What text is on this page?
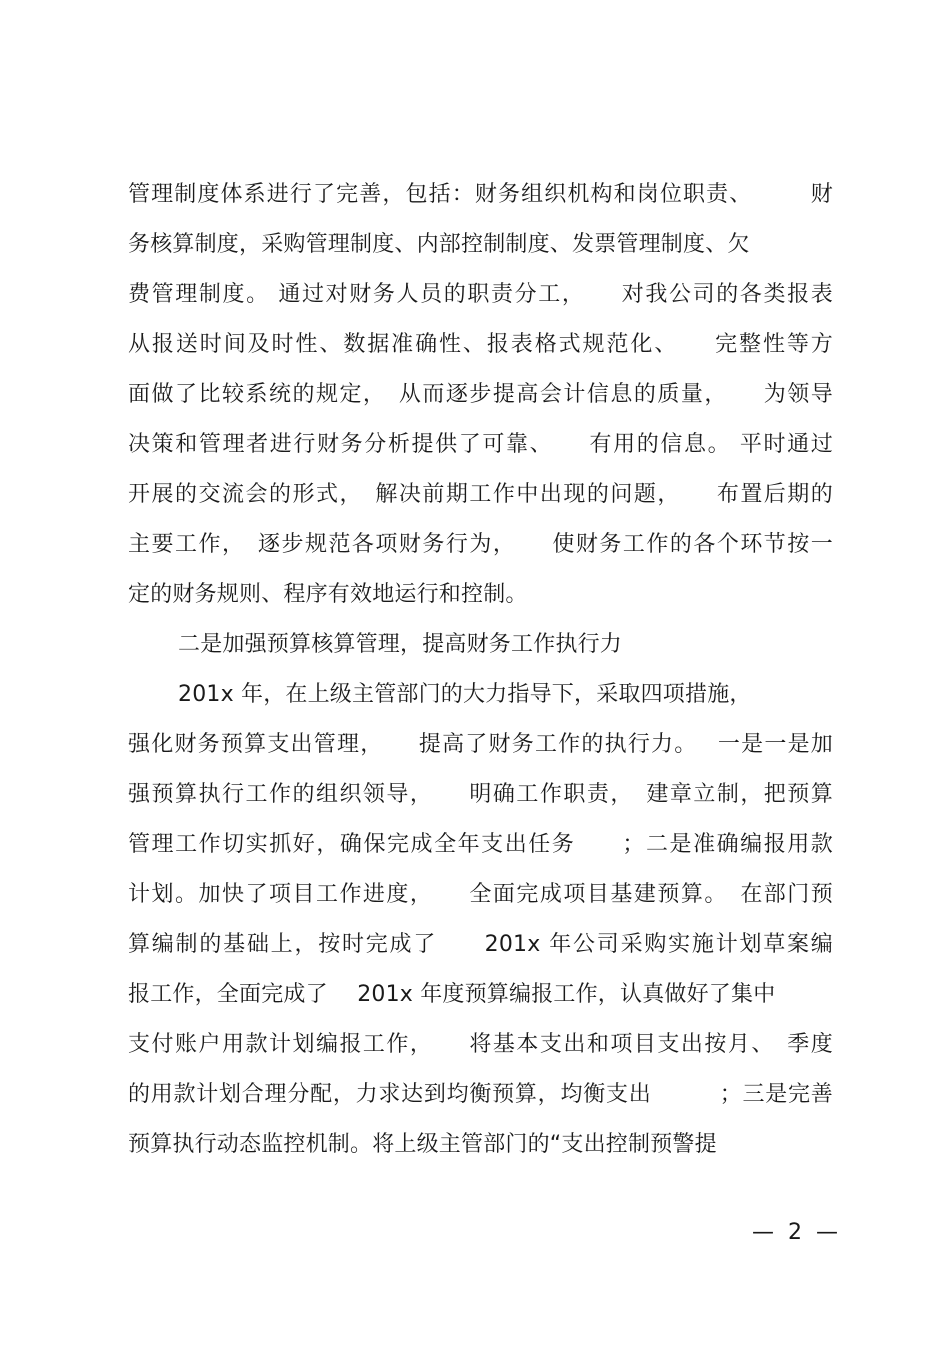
管理制度体系进行了完善，包括：财务组织机构和岗位职责、　　　财
务核算制度，采购管理制度、内部控制制度、发票管理制度、欠
费管理制度。 通过对财务人员的职责分工，　　对我公司的各类报表
从报送时间及时性、数据准确性、报表格式规范化、　　完整性等方
面做了比较系统的规定，　从而逐步提高会计信息的质量，　　为领导
决策和管理者进行财务分析提供了可靠、　　有用的信息。 平时通过
开展的交流会的形式，　解决前期工作中出现的问题，　　布置后期的
主要工作，　逐步规范各项财务行为，　　使财务工作的各个环节按一
定的财务规则、程序有效地运行和控制。
二是加强预算核算管理，提高财务工作执行力
201x 年，在上级主管部门的大力指导下，采取四项措施，
强化财务预算支出管理，　　提高了财务工作的执行力。　 一是一是加
强预算执行工作的组织领导，　　明确工作职责，　建章立制，把预算
管理工作切实抓好，确保完成全年支出任务　　；二是准确编报用款
计划。加快了项目工作进度，　　全面完成项目基建预算。　在部门预
算编制的基础上，按时完成了　　201x 年公司采购实施计划草案编
报工作，全面完成了　 201x 年度预算编报工作，认真做好了集中
支付账户用款计划编报工作，　　将基本支出和项目支出按月、　季度
的用款计划合理分配，力求达到均衡预算，均衡支出　　　；三是完善
预算执行动态监控机制。将上级主管部门的“支出控制预警提
—  2  —
